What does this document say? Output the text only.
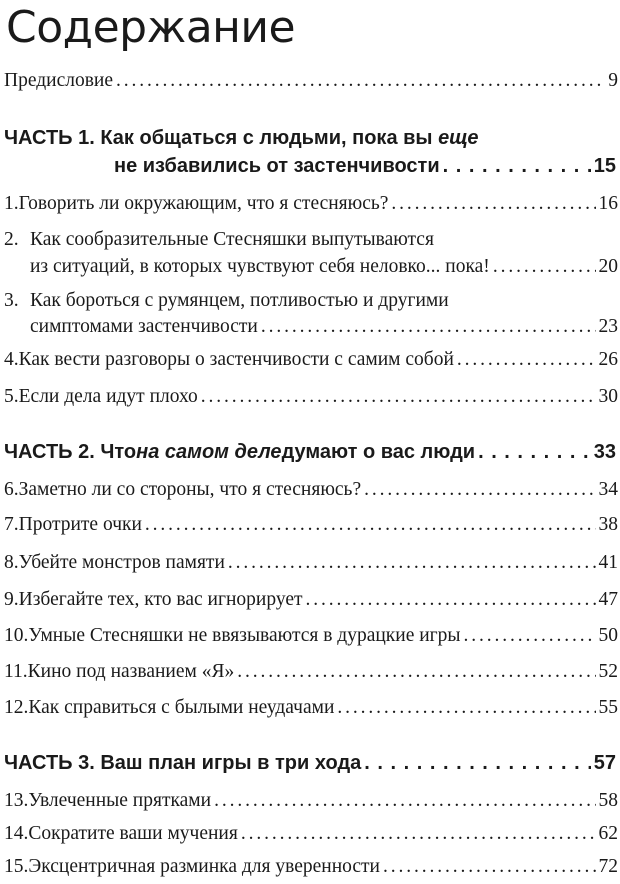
Содержание
Предисловие . . .	9
ЧАСТЬ 1. Как общаться с людьми, пока вы еще
не избавились от застенчивости . . .	15
1. Говорить ли окружающим, что я стесняюсь? . . .	16
2. Как сообразительные Стесняшки выпутываются
из ситуаций, в которых чувствуют себя неловко... пока! . . .	20
3. Как бороться с румянцем, потливостью и другими
симптомами застенчивости . . .	23
4. Как вести разговоры о застенчивости с самим собой . . .	26
5. Если дела идут плохо . . .	30
ЧАСТЬ 2.
Что на самом деле думают о вас люди . . .	33
6. Заметно ли со стороны, что я стесняюсь? . . .	34
7. Протрите очки . . .	38
8. Убейте монстров памяти . . .	41
9. Избегайте тех, кто вас игнорирует . . .	47
10. Умные Стесняшки не ввязываются в дурацкие игры . . .	50
11. Кино под названием «Я» . . .	52
12. Как справиться с былыми неудачами . . .	55
ЧАСТЬ 3.
Ваш план игры в три хода . . .	57
13. Увлеченные прятками . . .	58
14. Сократите ваши мучения . . .	62
15. Эксцентричная разминка для уверенности . . .	72
